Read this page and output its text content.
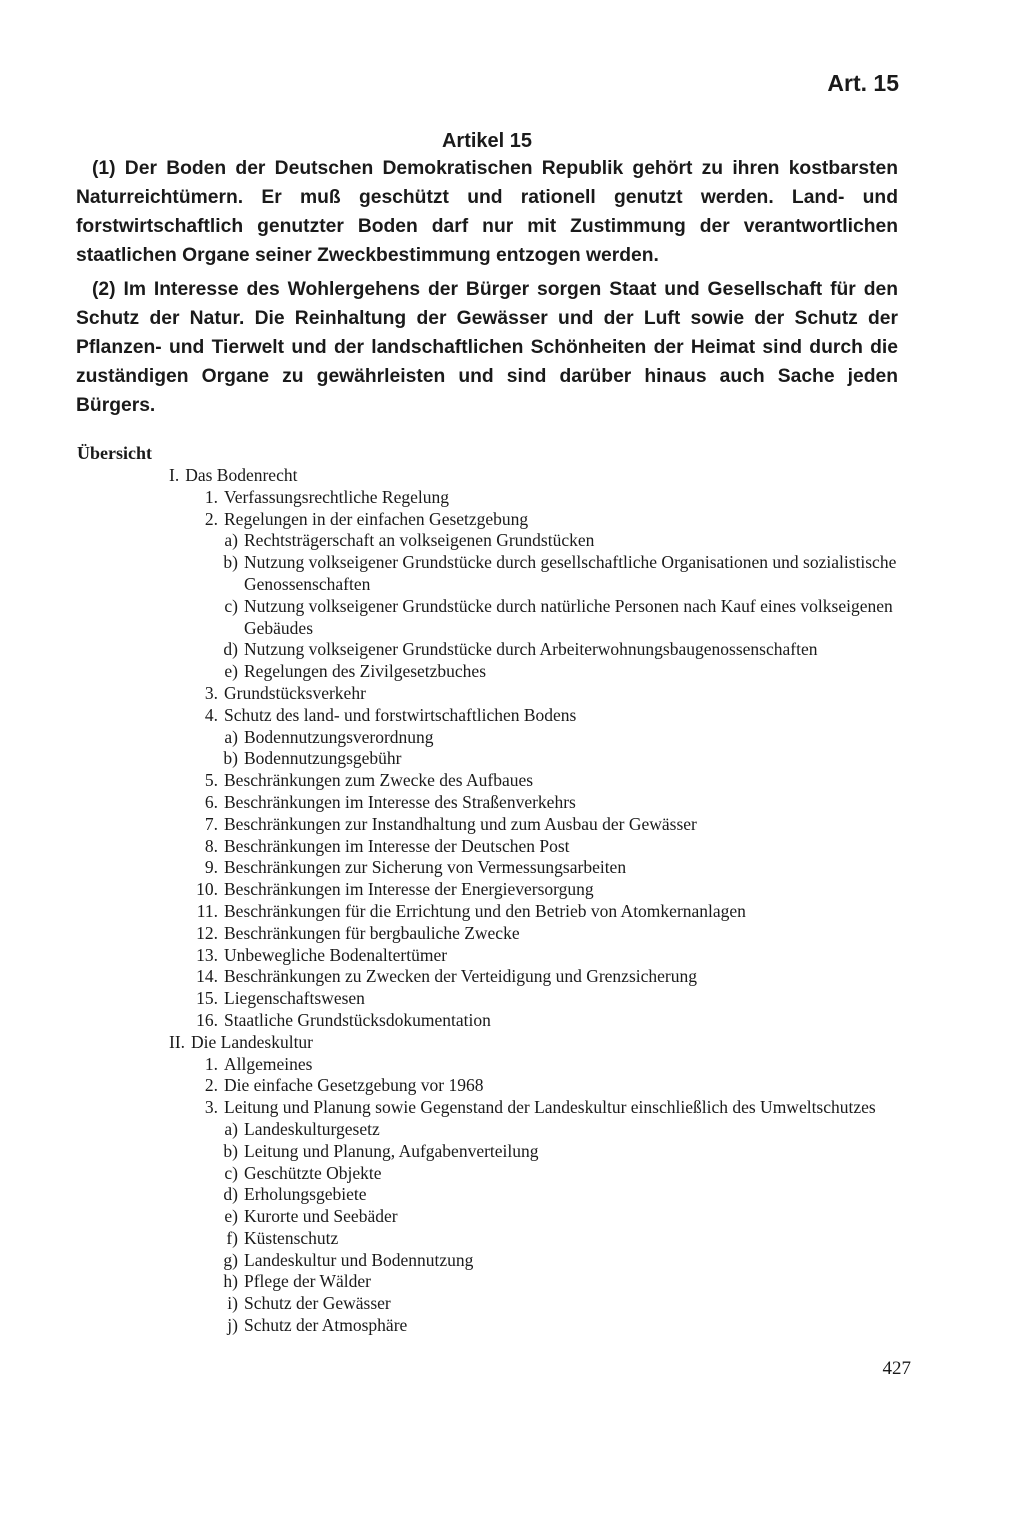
Art. 15
Artikel 15

(1) Der Boden der Deutschen Demokratischen Republik gehört zu ihren kostbarsten Naturreichtümern. Er muß geschützt und rationell genutzt werden. Land- und forstwirtschaftlich genutzter Boden darf nur mit Zustimmung der verantwortlichen staatlichen Organe seiner Zweckbestimmung entzogen werden.

(2) Im Interesse des Wohlergehens der Bürger sorgen Staat und Gesellschaft für den Schutz der Natur. Die Reinhaltung der Gewässer und der Luft sowie der Schutz der Pflanzen- und Tierwelt und der landschaftlichen Schönheiten der Heimat sind durch die zuständigen Organe zu gewährleisten und sind darüber hinaus auch Sache jeden Bürgers.

Übersicht
I. Das Bodenrecht
1. Verfassungsrechtliche Regelung
2. Regelungen in der einfachen Gesetzgebung
a) Rechtsträgerschaft an volkseigenen Grundstücken
b) Nutzung volkseigener Grundstücke durch gesellschaftliche Organisationen und sozialistische Genossenschaften
c) Nutzung volkseigener Grundstücke durch natürliche Personen nach Kauf eines volkseigenen Gebäudes
d) Nutzung volkseigener Grundstücke durch Arbeiterwohnungsbaugenossenschaften
e) Regelungen des Zivilgesetzbuches
3. Grundstücksverkehr
4. Schutz des land- und forstwirtschaftlichen Bodens
a) Bodennutzungsverordnung
b) Bodennutzungsgebühr
5. Beschränkungen zum Zwecke des Aufbaues
6. Beschränkungen im Interesse des Straßenverkehrs
7. Beschränkungen zur Instandhaltung und zum Ausbau der Gewässer
8. Beschränkungen im Interesse der Deutschen Post
9. Beschränkungen zur Sicherung von Vermessungsarbeiten
10. Beschränkungen im Interesse der Energieversorgung
11. Beschränkungen für die Errichtung und den Betrieb von Atomkernanlagen
12. Beschränkungen für bergbauliche Zwecke
13. Unbewegliche Bodenaltertümer
14. Beschränkungen zu Zwecken der Verteidigung und Grenzsicherung
15. Liegenschaftswesen
16. Staatliche Grundstücksdokumentation
II. Die Landeskultur
1. Allgemeines
2. Die einfache Gesetzgebung vor 1968
3. Leitung und Planung sowie Gegenstand der Landeskultur einschließlich des Umweltschutzes
a) Landeskulturgesetz
b) Leitung und Planung, Aufgabenverteilung
c) Geschützte Objekte
d) Erholungsgebiete
e) Kurorte und Seebäder
f) Küstenschutz
g) Landeskultur und Bodennutzung
h) Pflege der Wälder
i) Schutz der Gewässer
j) Schutz der Atmosphäre
427
